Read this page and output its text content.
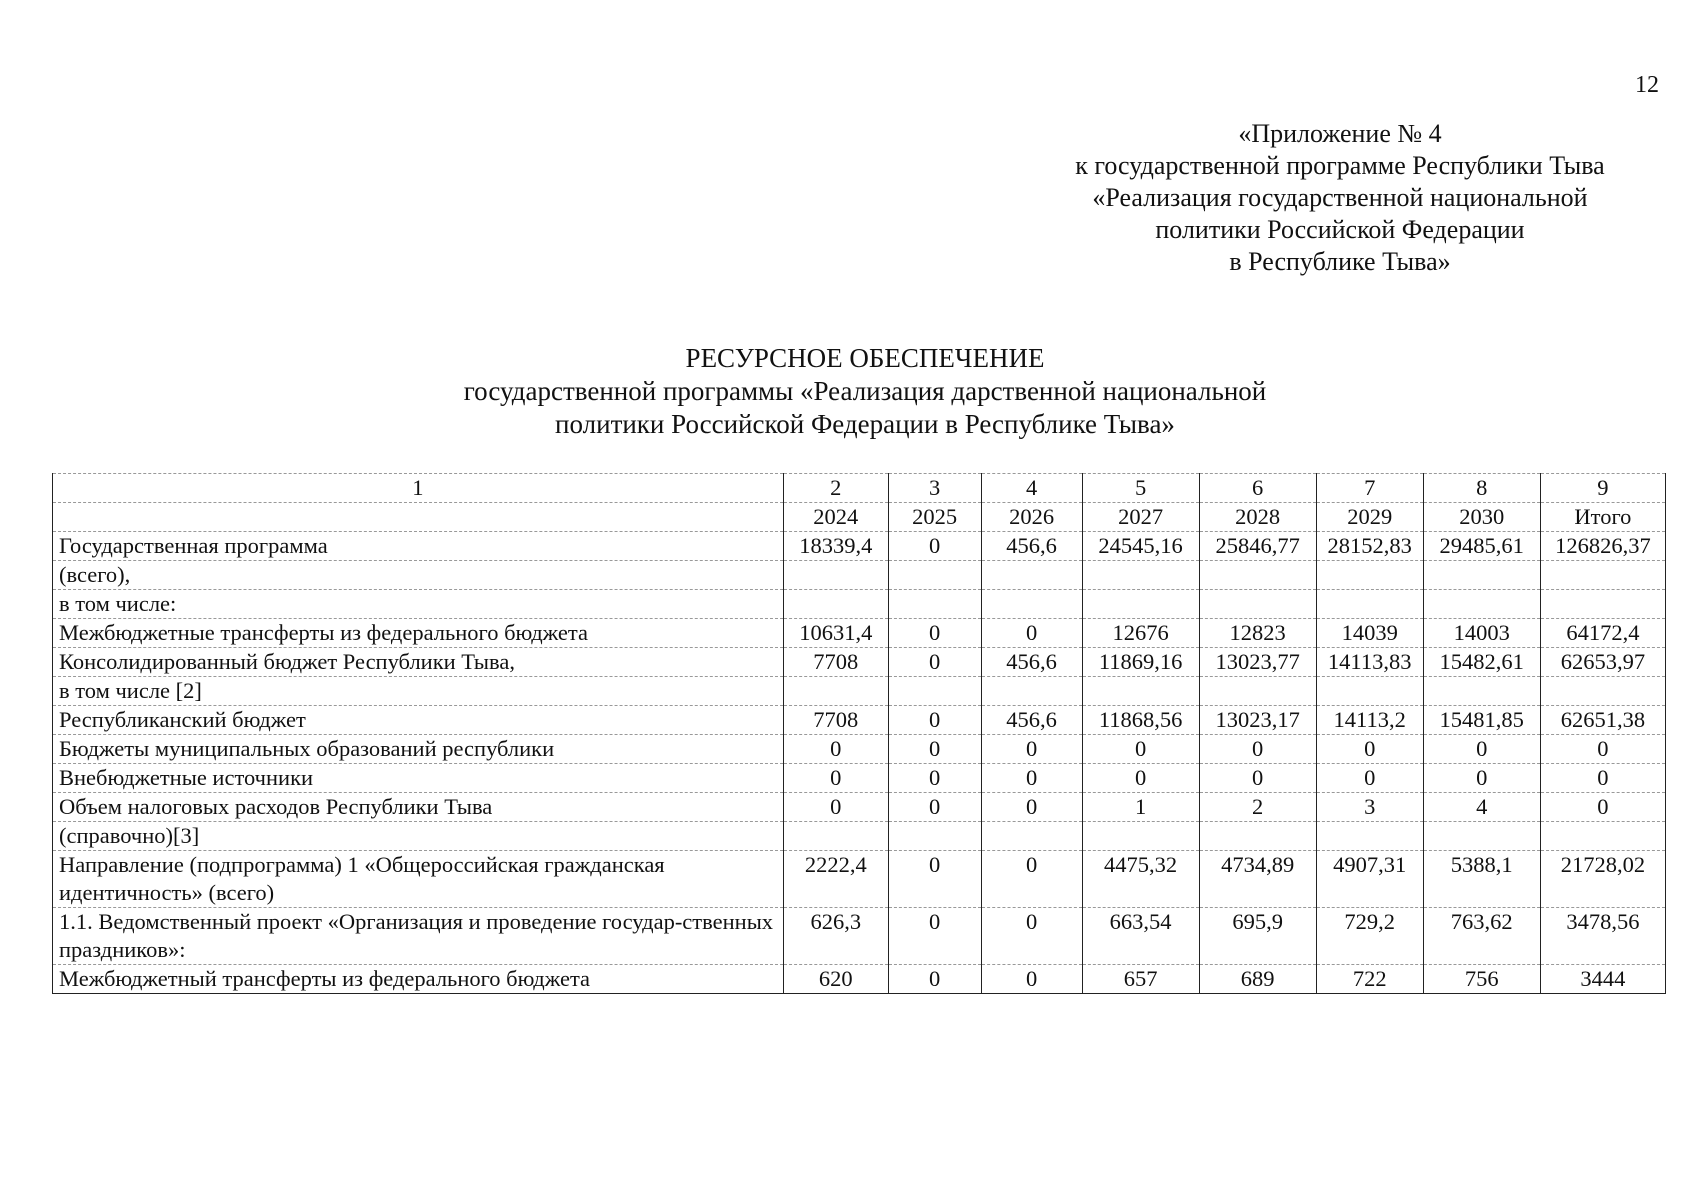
12
«Приложение № 4
к государственной программе Республики Тыва
«Реализация государственной национальной
политики Российской Федерации
в Республике Тыва»
РЕСУРСНОЕ ОБЕСПЕЧЕНИЕ
государственной программы «Реализация дарственной национальной
политики Российской Федерации в Республике Тыва»
1	2	3	4	5	6	7	8	9
	2024	2025	2026	2027	2028	2029	2030	Итого
Государственная программа	18339,4	0	456,6	24545,16	25846,77	28152,83	29485,61	126826,37
(всего),								
в том числе:								
Межбюджетные трансферты из федерального бюджета	10631,4	0	0	12676	12823	14039	14003	64172,4
Консолидированный бюджет Республики Тыва,	7708	0	456,6	11869,16	13023,77	14113,83	15482,61	62653,97
в том числе [2]								
Республиканский бюджет	7708	0	456,6	11868,56	13023,17	14113,2	15481,85	62651,38
Бюджеты муниципальных образований республики	0	0	0	0	0	0	0	0
Внебюджетные источники	0	0	0	0	0	0	0	0
Объем налоговых расходов Республики Тыва	0	0	0	1	2	3	4	0
(справочно)[3]								
Направление (подпрограмма) 1 «Общероссийская гражданская идентичность» (всего)	2222,4	0	0	4475,32	4734,89	4907,31	5388,1	21728,02
1.1. Ведомственный проект «Организация и проведение государ-ственных праздников»:	626,3	0	0	663,54	695,9	729,2	763,62	3478,56
Межбюджетный трансферты из федерального бюджета	620	0	0	657	689	722	756	3444
